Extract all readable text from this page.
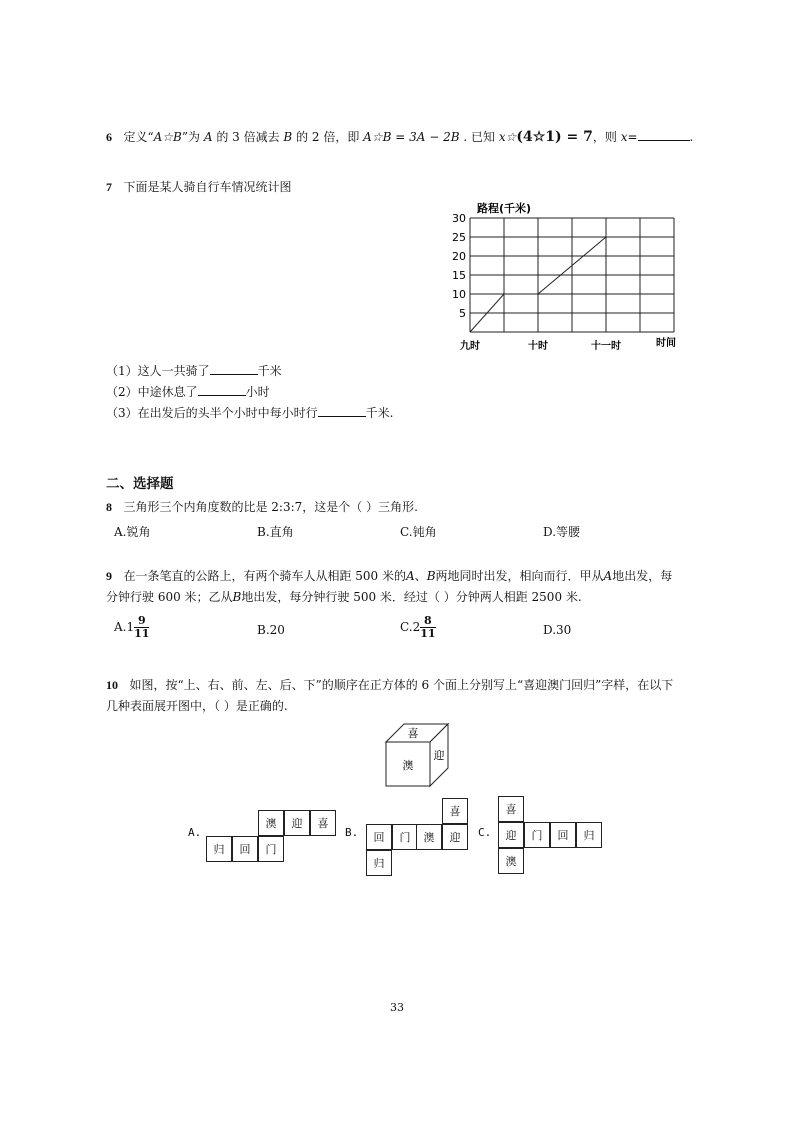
6 定义“A☆B”为 A 的 3 倍减去 B 的 2 倍，即 A☆B = 3A − 2B . 已知 x☆(4☆1) = 7，则 x=	.
7 下面是某人骑自行车情况统计图
路程(千米)
5
10
15
20
25
30
九时	十时	十一时	时间
（1）这人一共骑了	千米
（2）中途休息了	小时
（3）在出发后的头半个小时中每小时行	千米.
二、选择题
8 三角形三个内角度数的比是 2:3:7，这是个（ ）三角形.
A.锐角	B.直角	C.钝角	D.等腰
9 在一条笔直的公路上，有两个骑车人从相距 500 米的A、B两地同时出发，相向而行．甲从A地出发，每
分钟行驶 600 米；乙从B地出发，每分钟行驶 500 米．经过（ ）分钟两人相距 2500 米.
$A.1 \frac{9}{11}$	B.20	$C.2 \frac{8}{11}$	D.30
10 如图，按“上、右、前、左、后、下”的顺序在正方体的 6 个面上分别写上“喜迎澳门回归”字样，在以下
几种表面展开图中，（ ）是正确的.
喜
迎
澳
A.
澳	迎	喜
归	回	门
B.
喜
回	门	澳	迎
归
C.
喜
迎	门	回	归
澳
33
